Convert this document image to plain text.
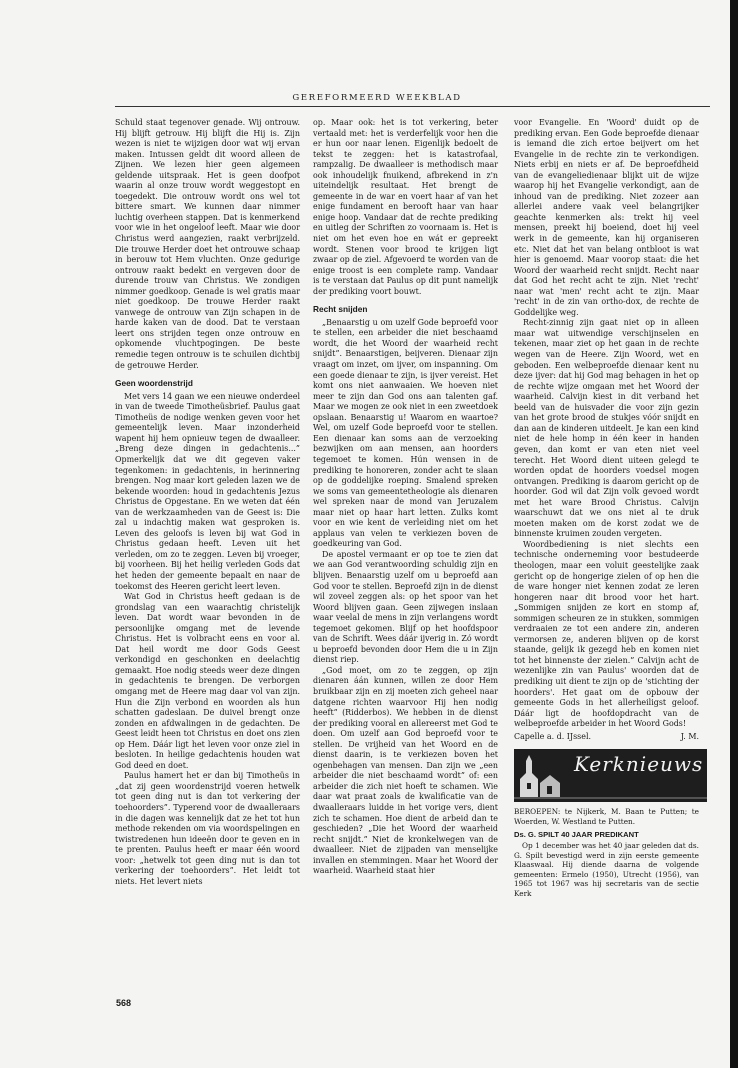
GEREFORMEERD WEEKBLAD

Schuld staat tegenover genade. Wij ontrouw. Hij blijft getrouw. Hij blijft die Hij is. Zijn wezen is niet te wijzigen door wat wij ervan maken. Intussen geldt dit woord alleen de Zijnen. We lezen hier geen algemeen geldende uitspraak. Het is geen doofpot waarin al onze trouw wordt weggestopt en toegedekt. Die ontrouw wordt ons wel tot bittere smart. We kunnen daar nimmer luchtig overheen stappen. Dat is kenmerkend voor wie in het ongeloof leeft. Maar wie door Christus werd aangezien, raakt verbrijzeld. Die trouwe Herder doet het ontrouwe schaap in berouw tot Hem vluchten. Onze gedurige ontrouw raakt bedekt en vergeven door de durende trouw van Christus. We zondigen nimmer goedkoop. Genade is wel gratis maar niet goedkoop. De trouwe Herder raakt vanwege de ontrouw van Zijn schapen in de harde kaken van de dood. Dat te verstaan leert ons strijden tegen onze ontrouw en opkomende vluchtpogingen. De beste remedie tegen ontrouw is te schuilen dichtbij de getrouwe Herder.

Geen woordenstrijd

Met vers 14 gaan we een nieuwe onderdeel in van de tweede Timotheüsbrief. Paulus gaat Timotheüs de nodige wenken geven voor het gemeentelijk leven. Maar inzonderheid wapent hij hem opnieuw tegen de dwaalleer. „Breng deze dingen in gedachtenis...” Opmerkelijk dat we dit gegeven vaker tegenkomen: in gedachtenis, in herinnering brengen. Nog maar kort geleden lazen we de bekende woorden: houd in gedachtenis Jezus Christus de Opgestane. En we weten dat één van de werkzaamheden van de Geest is: Die zal u indachtig maken wat gesproken is. Leven des geloofs is leven bij wat God in Christus gedaan heeft. Leven uit het verleden, om zo te zeggen. Leven bij vroeger, bij voorheen. Bij het heilig verleden Gods dat het heden der gemeente bepaalt en naar de toekomst des Heeren gericht leert leven.

Wat God in Christus heeft gedaan is de grondslag van een waarachtig christelijk leven. Dat wordt waar bevonden in de persoonlijke omgang met de levende Christus. Het is volbracht eens en voor al. Dat heil wordt me door Gods Geest verkondigd en geschonken en deelachtig gemaakt. Hoe nodig steeds weer deze dingen in gedachtenis te brengen. De verborgen omgang met de Heere mag daar vol van zijn. Hun die Zijn verbond en woorden als hun schatten gadeslaan. De duivel brengt onze zonden en afdwalingen in de gedachten. De Geest leidt heen tot Christus en doet ons zien op Hem. Dáár ligt het leven voor onze ziel in besloten. In heilige gedachtenis houden wat God deed en doet.

Paulus hamert het er dan bij Timotheüs in „dat zij geen woordenstrijd voeren hetwelk tot geen ding nut is dan tot verkering der toehoorders”. Typerend voor de dwaalleraars in die dagen was kennelijk dat ze het tot hun methode rekenden om via woordspelingen en twistredenen hun ideeën door te geven en in te prenten. Paulus heeft er maar één woord voor: „hetwelk tot geen ding nut is dan tot verkering der toehoorders”. Het leidt tot niets. Het levert niets

op. Maar ook: het is tot verkering, beter vertaald met: het is verderfelijk voor hen die er hun oor naar lenen. Eigenlijk bedoelt de tekst te zeggen: het is katastrofaal, rampzalig. De dwaalleer is methodisch maar ook inhoudelijk fnuikend, afbrekend in z'n uiteindelijk resultaat. Het brengt de gemeente in de war en voert haar af van het enige fundament en berooft haar van haar enige hoop. Vandaar dat de rechte prediking en uitleg der Schriften zo voornaam is. Het is niet om het even hoe en wát er gepreekt wordt. Stenen voor brood te krijgen ligt zwaar op de ziel. Afgevoerd te worden van de enige troost is een complete ramp. Vandaar is te verstaan dat Paulus op dit punt namelijk der prediking voort bouwt.

Recht snijden

„Benaarstig u om uzelf Gode beproefd voor te stellen, een arbeider die niet beschaamd wordt, die het Woord der waarheid recht snijdt”. Benaarstigen, beijveren. Dienaar zijn vraagt om inzet, om ijver, om inspanning. Om een goede dienaar te zijn, is ijver vereist. Het komt ons niet aanwaaien. We hoeven niet meer te zijn dan God ons aan talenten gaf. Maar we mogen ze ook niet in een zweetdoek opslaan. Benaarstig u! Waarom en waartoe? Wel, om uzelf Gode beproefd voor te stellen. Een dienaar kan soms aan de verzoeking bezwijken om aan mensen, aan hoorders tegemoet te komen. Hún wensen in de prediking te honoreren, zonder acht te slaan op de goddelijke roeping. Smalend spreken we soms van gemeentetheologie als dienaren wel spreken naar de mond van Jeruzalem maar niet op haar hart letten. Zulks komt voor en wie kent de verleiding niet om het applaus van velen te verkiezen boven de goedkeuring van God.

De apostel vermaant er op toe te zien dat we aan God verantwoording schuldig zijn en blijven. Benaarstig uzelf om u beproefd aan God voor te stellen. Beproefd zijn in de dienst wil zoveel zeggen als: op het spoor van het Woord blijven gaan. Geen zijwegen inslaan waar veelal de mens in zijn verlangens wordt tegemoet gekomen. Blijf op het hoofdspoor van de Schrift. Wees dáár ijverig in. Zó wordt u beproefd bevonden door Hem die u in Zijn dienst riep.

„God moet, om zo te zeggen, op zijn dienaren áán kunnen, willen ze door Hem bruikbaar zijn en zij moeten zich geheel naar datgene richten waarvoor Hij hen nodig heeft” (Ridderbos). We hebben in de dienst der prediking vooral en allereerst met God te doen. Om uzelf aan God beproefd voor te stellen. De vrijheid van het Woord en de dienst daarin, is te verkiezen boven het ogenbehagen van mensen. Dan zijn we „een arbeider die niet beschaamd wordt” of: een arbeider die zich niet hoeft te schamen. Wie daar wat praat zoals de kwalificatie van de dwaalleraars luidde in het vorige vers, dient zich te schamen. Hoe dient de arbeid dan te geschieden? „Die het Woord der waarheid recht snijdt.” Niet de kronkelwegen van de dwaalleer. Niet de zijpaden van menselijke invallen en stemmingen. Maar het Woord der waarheid. Waarheid staat hier

voor Evangelie. En 'Woord' duidt op de prediking ervan. Een Gode beproefde dienaar is iemand die zich ertoe beijvert om het Evangelie in de rechte zin te verkondigen. Niets erbij en niets er af. De beproefdheid van de evangeliedienaar blijkt uit de wijze waarop hij het Evangelie verkondigt, aan de inhoud van de prediking. Niet zozeer aan allerlei andere vaak veel belangrijker geachte kenmerken als: trekt hij veel mensen, preekt hij boeiend, doet hij veel werk in de gemeente, kan hij organiseren etc. Niet dat het van belang ontbloot is wat hier is genoemd. Maar voorop staat: die het Woord der waarheid recht snijdt. Recht naar dat God het recht acht te zijn. Niet 'recht' naar wat 'men' recht acht te zijn. Maar 'recht' in de zin van ortho-dox, de rechte de Goddelijke weg.

Recht-zinnig zijn gaat niet op in alleen maar wat uitwendige verschijnselen en tekenen, maar ziet op het gaan in de rechte wegen van de Heere. Zijn Woord, wet en geboden. Een welbeproefde dienaar kent nu deze ijver: dat hij God mag behagen in het op de rechte wijze omgaan met het Woord der waarheid. Calvijn kiest in dit verband het beeld van de huisvader die voor zijn gezin van het grote brood de stukjes vóór snijdt en dan aan de kinderen uitdeelt. Je kan een kind niet de hele homp in één keer in handen geven, dan komt er van eten niet veel terecht. Het Woord dient uiteen gelegd te worden opdat de hoorders voedsel mogen ontvangen. Prediking is daarom gericht op de hoorder. God wil dat Zijn volk gevoed wordt met het ware Brood Christus. Calvijn waarschuwt dat we ons niet al te druk moeten maken om de korst zodat we de binnenste kruimen zouden vergeten.

Woordbediening is niet slechts een technische onderneming voor bestudeerde theologen, maar een voluit geestelijke zaak gericht op de hongerige zielen of op hen die de ware honger niet kennen zodat ze leren hongeren naar dit brood voor het hart. „Sommigen snijden ze kort en stomp af, sommigen scheuren ze in stukken, sommigen verdraaien ze tot een andere zin, anderen vermorsen ze, anderen blijven op de korst staande, gelijk ik gezegd heb en komen niet tot het binnenste der zielen.” Calvijn acht de wezenlijke zin van Paulus' woorden dat de prediking uit dient te zijn op de 'stichting der hoorders'. Het gaat om de opbouw der gemeente Gods in het allerheiligst geloof. Dáár ligt de hoofdopdracht van de welbeproefde arbeider in het Woord Gods!

Capelle a. d. IJssel.	J. M.
Kerknieuws

BEROEPEN: te Nijkerk, M. Baan te Putten; te Woerden, W. Westland te Putten.

Ds. G. SPILT 40 JAAR PREDIKANT

Op 1 december was het 40 jaar geleden dat ds. G. Spilt bevestigd werd in zijn eerste gemeente Klaaswaal. Hij diende daarna de volgende gemeenten: Ermelo (1950), Utrecht (1956), van 1965 tot 1967 was hij secretaris van de sectie Kerk

568
